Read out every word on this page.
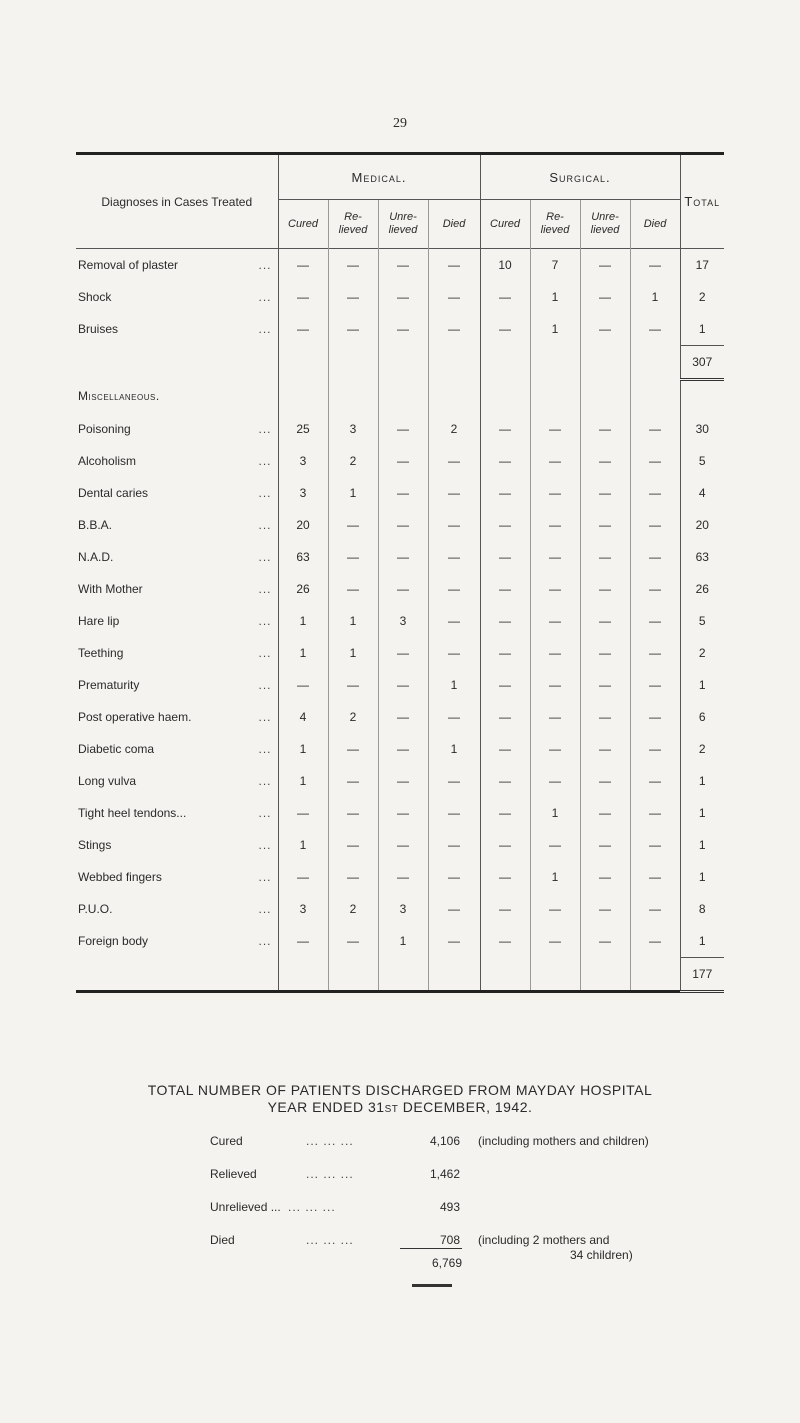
29

Diagnoses in Cases Treated	Medical.				Surgical.				Total
	Cured	Re- lieved	Unre- lieved	Died	Cured	Re- lieved	Unre- lieved	Died	

Removal of plaster ...	—	—	—	—	10	7	—	—	17
Shock ...	—	—	—	—	—	1	—	1	2
Bruises ...	—	—	—	—	—	1	—	—	1
									307
Miscellaneous.									
Poisoning ...	25	3	—	2	—	—	—	—	30
Alcoholism ...	3	2	—	—	—	—	—	—	5
Dental caries ...	3	1	—	—	—	—	—	—	4
B.B.A. ...	20	—	—	—	—	—	—	—	20
N.A.D. ...	63	—	—	—	—	—	—	—	63
With Mother ...	26	—	—	—	—	—	—	—	26
Hare lip ...	1	1	3	—	—	—	—	—	5
Teething ...	1	1	—	—	—	—	—	—	2
Prematurity ...	—	—	—	1	—	—	—	—	1
Post operative haem. ...	4	2	—	—	—	—	—	—	6
Diabetic coma ...	1	—	—	1	—	—	—	—	2
Long vulva ...	1	—	—	—	—	—	—	—	1
Tight heel tendons... ...	—	—	—	—	—	1	—	—	1
Stings ...	1	—	—	—	—	—	—	—	1
Webbed fingers ...	—	—	—	—	—	1	—	—	1
P.U.O. ...	3	2	3	—	—	—	—	—	8
Foreign body ...	—	—	1	—	—	—	—	—	1
									177

TOTAL NUMBER OF PATIENTS DISCHARGED FROM MAYDAY HOSPITAL
YEAR ENDED 31st DECEMBER, 1942.
Cured	... ... ...	4,106 (including mothers and children)
Relieved	... ... ...	1,462
Unrelieved ... ... ... ...	493
Died	... ... ...	708 (including 2 mothers and
34 children)
6,769
